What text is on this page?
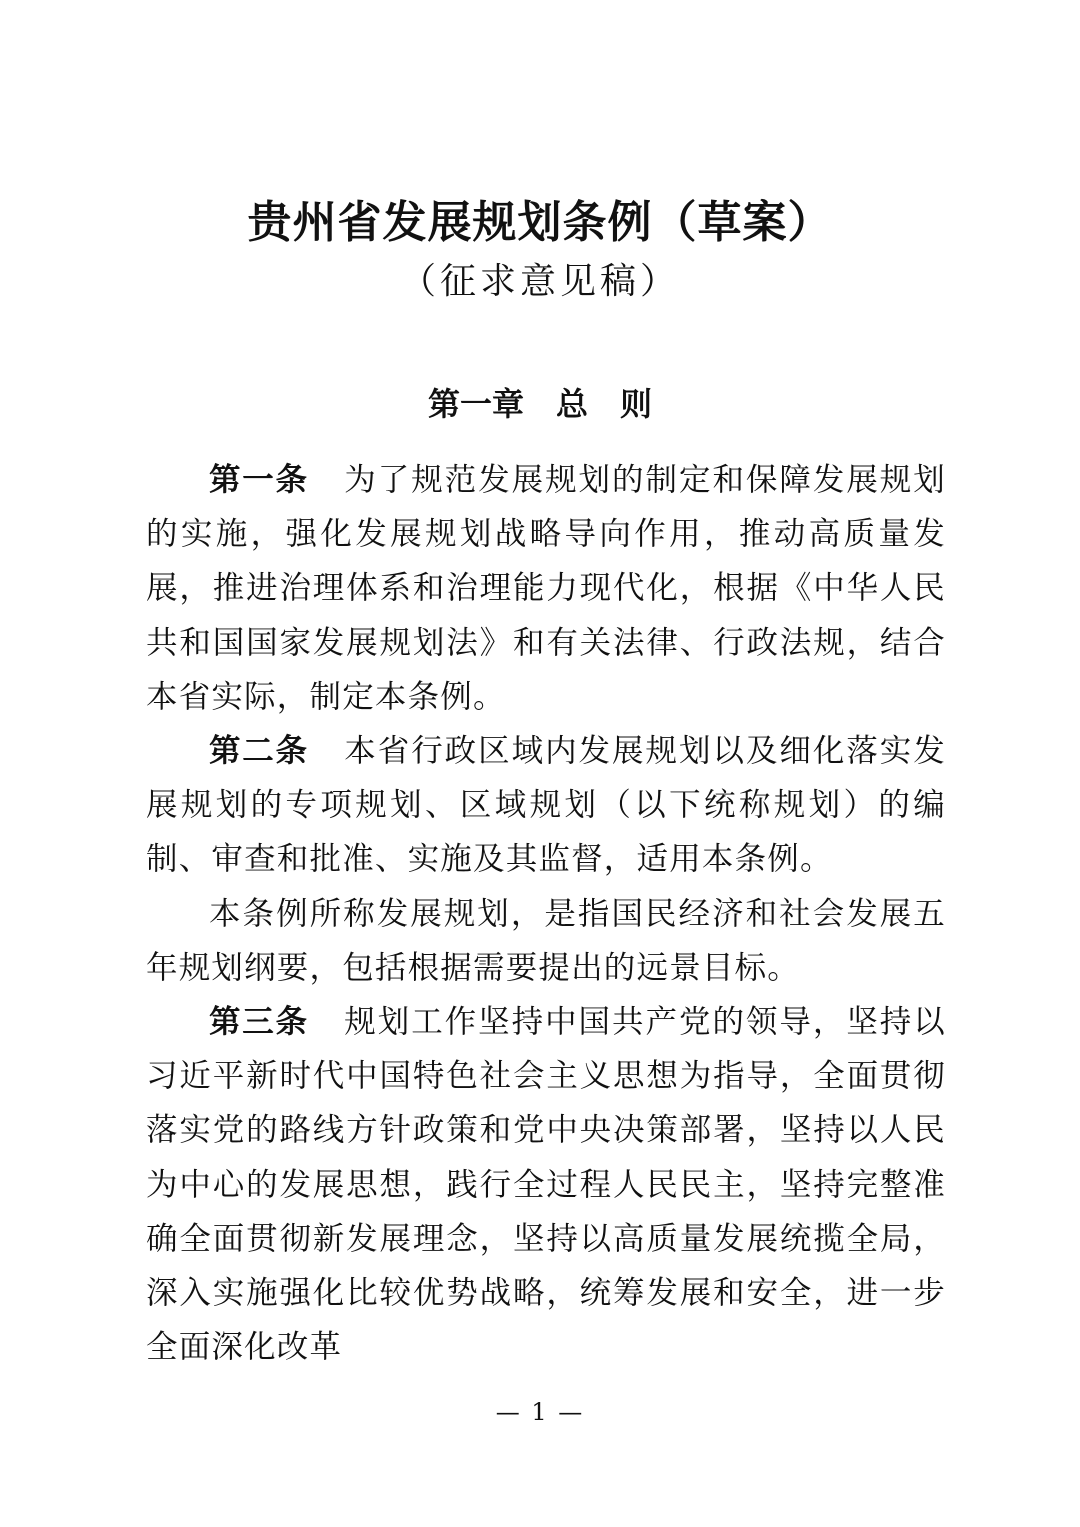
贵州省发展规划条例（草案）
（征求意见稿）
第一章　总　则

第一条 为了规范发展规划的制定和保障发展规划的实施，强化发展规划战略导向作用，推动高质量发展，推进治理体系和治理能力现代化，根据《中华人民共和国国家发展规划法》和有关法律、行政法规，结合本省实际，制定本条例。

第二条 本省行政区域内发展规划以及细化落实发展规划的专项规划、区域规划（以下统称规划）的编制、审查和批准、实施及其监督，适用本条例。

本条例所称发展规划，是指国民经济和社会发展五年规划纲要，包括根据需要提出的远景目标。

第三条 规划工作坚持中国共产党的领导，坚持以习近平新时代中国特色社会主义思想为指导，全面贯彻落实党的路线方针政策和党中央决策部署，坚持以人民为中心的发展思想，践行全过程人民民主，坚持完整准确全面贯彻新发展理念，坚持以高质量发展统揽全局，深入实施强化比较优势战略，统筹发展和安全，进一步全面深化改革

— 1 —
